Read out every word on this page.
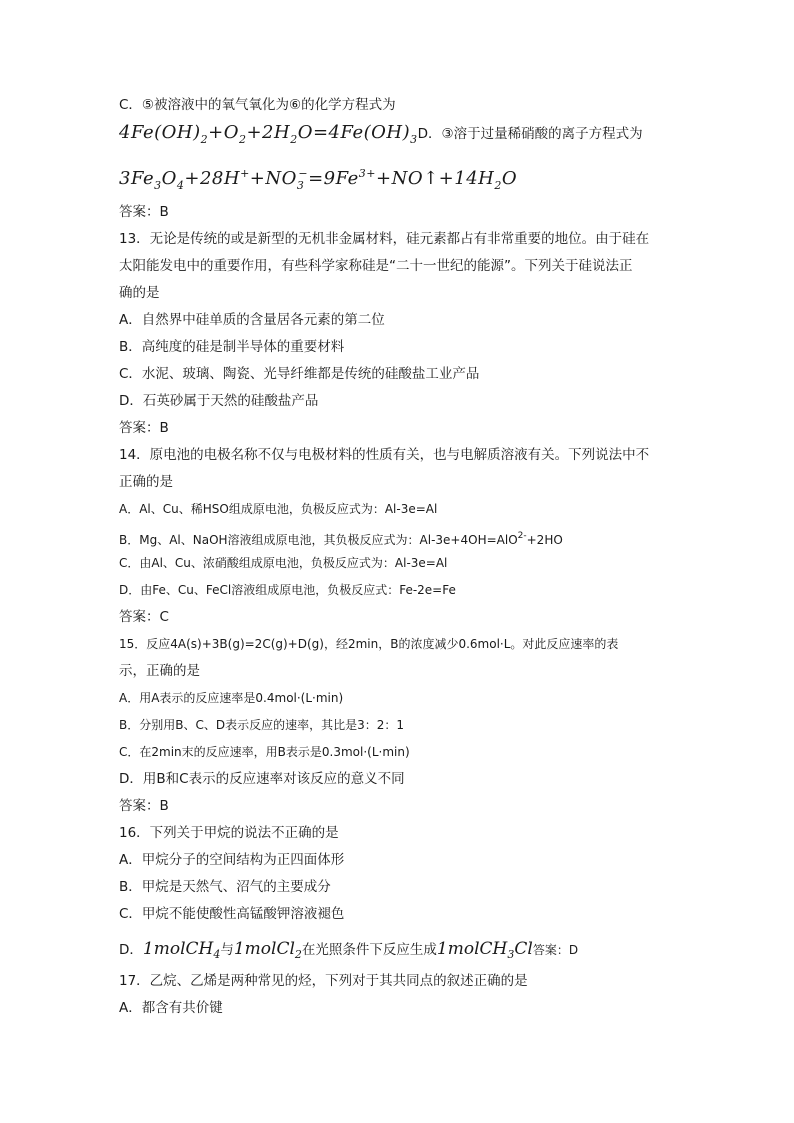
C．⑤被溶液中的氧气氧化为⑥的化学方程式为
$4Fe(OH)_2+O_2+2H_2O=4Fe(OH)_3D$．③溶于过量稀硝酸的离子方程式为
$3Fe_3O_4+28H^++NO_3^-=9Fe^{3+}+NO↑+14H_2O$
答案：B
13．无论是传统的或是新型的无机非金属材料，硅元素都占有非常重要的地位。由于硅在
太阳能发电中的重要作用，有些科学家称硅是“二十一世纪的能源”。下列关于硅说法正
确的是
A．自然界中硅单质的含量居各元素的第二位
B．高纯度的硅是制半导体的重要材料
C．水泥、玻璃、陶瓷、光导纤维都是传统的硅酸盐工业产品
D．石英砂属于天然的硅酸盐产品
答案：B
14．原电池的电极名称不仅与电极材料的性质有关，也与电解质溶液有关。下列说法中不
正确的是
A．Al、Cu、稀HSO组成原电池，负极反应式为：Al-3e=Al
B．Mg、Al、NaOH溶液组成原电池，其负极反应式为：Al-3e+4OH=AlO$^{2-}$+2HO
C．由Al、Cu、浓硝酸组成原电池，负极反应式为：Al-3e=Al
D．由Fe、Cu、FeCl溶液组成原电池，负极反应式：Fe-2e=Fe
答案：C
15．反应4A(s)+3B(g)=2C(g)+D(g)，经2min，B的浓度减少0.6mol·L。对此反应速率的表
示，正确的是
A．用A表示的反应速率是0.4mol·(L·min)
B．分别用B、C、D表示反应的速率，其比是3：2：1
C．在2min末的反应速率，用B表示是0.3mol·(L·min)
D．用B和C表示的反应速率对该反应的意义不同
答案：B
16．下列关于甲烷的说法不正确的是
A．甲烷分子的空间结构为正四面体形
B．甲烷是天然气、沼气的主要成分
C．甲烷不能使酸性高锰酸钾溶液褪色
D．1molCH$_4$与1molCl$_2$在光照条件下反应生成1molCH$_3$Cl答案：D
17．乙烷、乙烯是两种常见的烃，下列对于其共同点的叙述正确的是
A．都含有共价键
